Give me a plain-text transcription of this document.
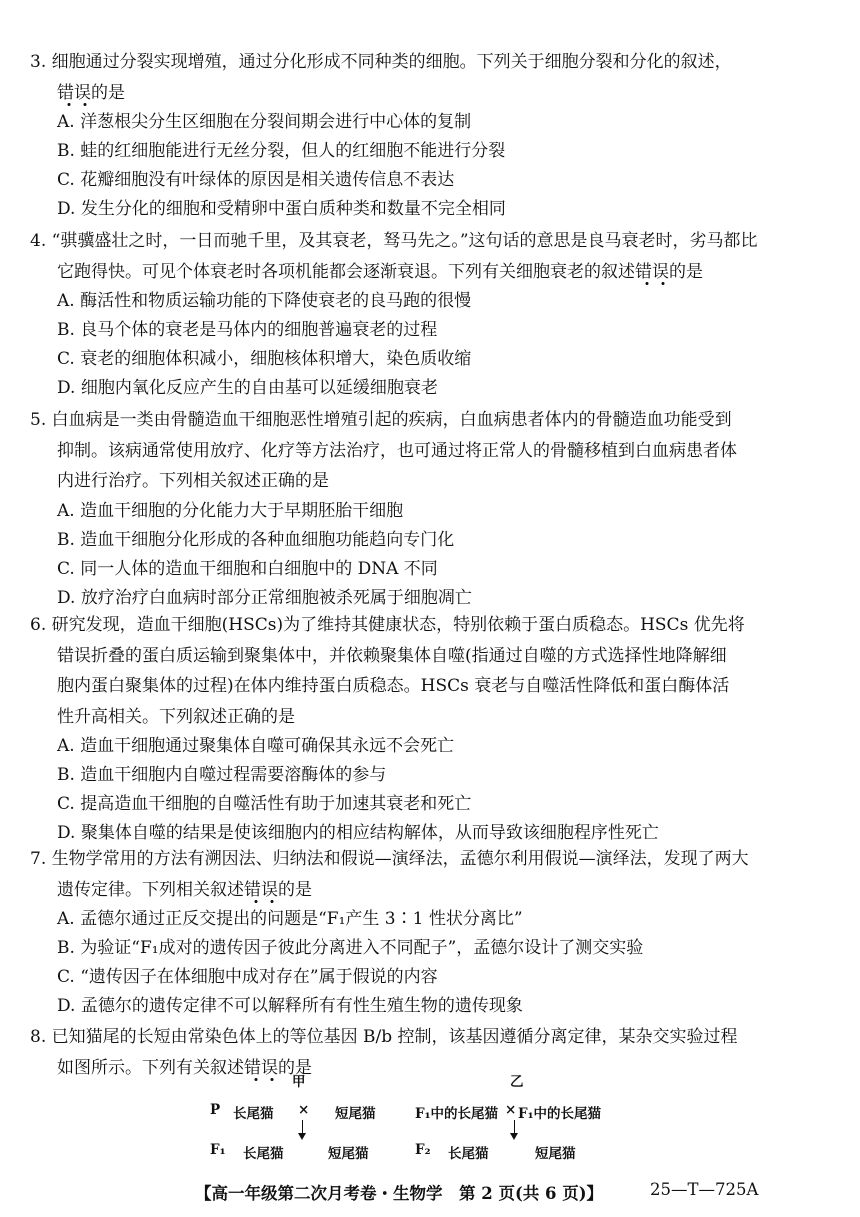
3. 细胞通过分裂实现增殖，通过分化形成不同种类的细胞。下列关于细胞分裂和分化的叙述，
错误的是

A. 洋葱根尖分生区细胞在分裂间期会进行中心体的复制
B. 蛙的红细胞能进行无丝分裂，但人的红细胞不能进行分裂
C. 花瓣细胞没有叶绿体的原因是相关遗传信息不表达
D. 发生分化的细胞和受精卵中蛋白质种类和数量不完全相同

4. “骐骥盛壮之时，一日而驰千里，及其衰老，驽马先之。”这句话的意思是良马衰老时，劣马都比
它跑得快。可见个体衰老时各项机能都会逐渐衰退。下列有关细胞衰老的叙述错误的是

A. 酶活性和物质运输功能的下降使衰老的良马跑的很慢
B. 良马个体的衰老是马体内的细胞普遍衰老的过程
C. 衰老的细胞体积减小，细胞核体积增大，染色质收缩
D. 细胞内氧化反应产生的自由基可以延缓细胞衰老

5. 白血病是一类由骨髓造血干细胞恶性增殖引起的疾病，白血病患者体内的骨髓造血功能受到
抑制。该病通常使用放疗、化疗等方法治疗，也可通过将正常人的骨髓移植到白血病患者体
内进行治疗。下列相关叙述正确的是

A. 造血干细胞的分化能力大于早期胚胎干细胞
B. 造血干细胞分化形成的各种血细胞功能趋向专门化
C. 同一人体的造血干细胞和白细胞中的 DNA 不同
D. 放疗治疗白血病时部分正常细胞被杀死属于细胞凋亡

6. 研究发现，造血干细胞(HSCs)为了维持其健康状态，特别依赖于蛋白质稳态。HSCs 优先将
错误折叠的蛋白质运输到聚集体中，并依赖聚集体自噬(指通过自噬的方式选择性地降解细
胞内蛋白聚集体的过程)在体内维持蛋白质稳态。HSCs 衰老与自噬活性降低和蛋白酶体活
性升高相关。下列叙述正确的是

A. 造血干细胞通过聚集体自噬可确保其永远不会死亡
B. 造血干细胞内自噬过程需要溶酶体的参与
C. 提高造血干细胞的自噬活性有助于加速其衰老和死亡
D. 聚集体自噬的结果是使该细胞内的相应结构解体，从而导致该细胞程序性死亡

7. 生物学常用的方法有溯因法、归纳法和假说—演绎法，孟德尔利用假说—演绎法，发现了两大
遗传定律。下列相关叙述错误的是

A. 孟德尔通过正反交提出的问题是“F₁产生 3∶1 性状分离比”
B. 为验证“F₁成对的遗传因子彼此分离进入不同配子”，孟德尔设计了测交实验
C. “遗传因子在体细胞中成对存在”属于假说的内容
D. 孟德尔的遗传定律不可以解释所有有性生殖生物的遗传现象

8. 已知猫尾的长短由常染色体上的等位基因 B/b 控制，该基因遵循分离定律，某杂交实验过程
如图所示。下列有关叙述错误的是

甲
P 长尾猫 × 短尾猫
F₁ 长尾猫	短尾猫
乙
F₁中的长尾猫 × F₁中的长尾猫
F₂ 长尾猫	短尾猫
【高一年级第二次月考卷・生物学　第 2 页(共 6 页)】	25—T—725A
